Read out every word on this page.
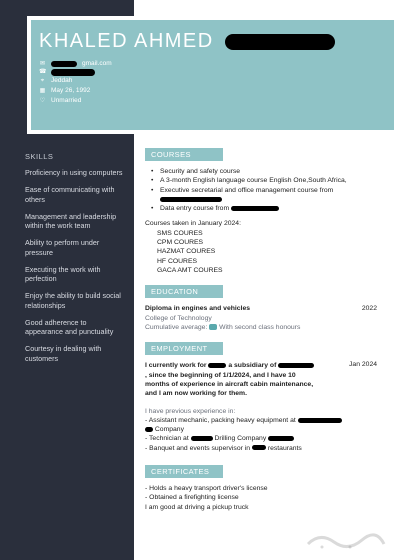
KHALED AHMED
✉	gmail.com
☎
⌖ Jeddah
▦ May 26, 1992
♡ Unmarried
SKILLS
Proficiency in using computers
Ease of communicating with others
Management and leadership within the work team
Ability to perform under pressure
Executing the work with perfection
Enjoy the ability to build social relationships
Good adherence to appearance and punctuality
Courtesy in dealing with customers
COURSES
• Security and safety course
• A 3-month English language course English One,South Africa,
• Executive secretarial and office management course from

• Data entry course from
Courses taken in January 2024:
SMS COURES
CPM COURES
HAZMAT COURES
HF COURES
GACA AMT COURES
EDUCATION
Diploma in engines and vehicles	2022
College of Technology
Cumulative average: With second class honours
EMPLOYMENT
I currently work for	a subsidiary of , since the beginning of 1/1/2024, and I have 10 months of experience in aircraft cabin maintenance, and I am now working for them.
Jan 2024
I have previous experience in:
- Assistant mechanic, packing heavy equipment at
Company
- Technician at	Drilling Company
- Banquet and events supervisor in	restaurants
CERTIFICATES
- Holds a heavy transport driver's license
- Obtained a firefighting license
I am good at driving a pickup truck
